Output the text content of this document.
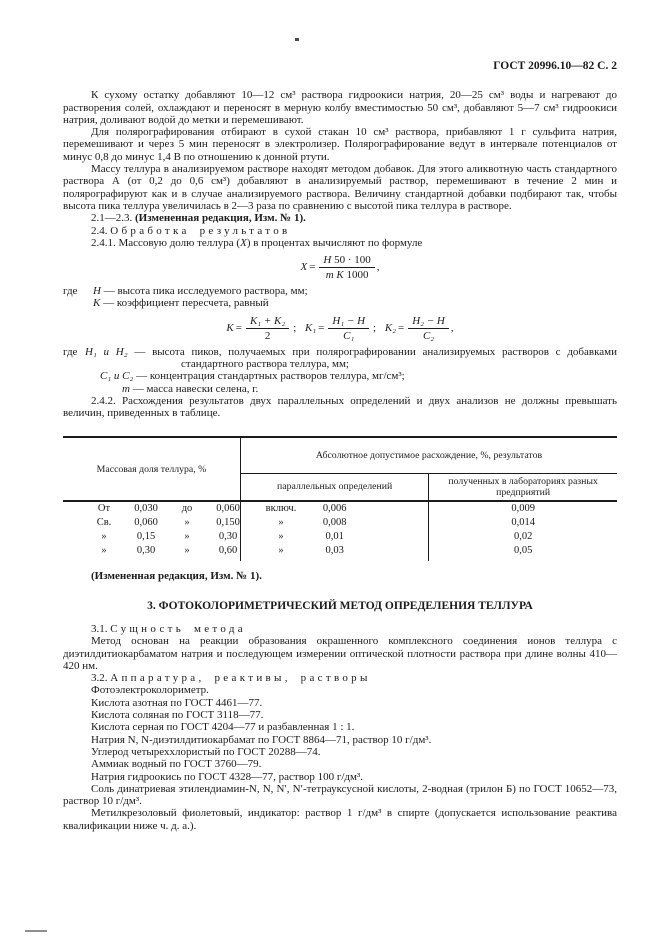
ГОСТ 20996.10—82 С. 2

К сухому остатку добавляют 10—12 см³ раствора гидроокиси натрия, 20—25 см³ воды и нагревают до растворения солей, охлаждают и переносят в мерную колбу вместимостью 50 см³, добавляют 5—7 см³ гидроокиси натрия, доливают водой до метки и перемешивают.

Для полярографирования отбирают в сухой стакан 10 см³ раствора, прибавляют 1 г сульфита натрия, перемешивают и через 5 мин переносят в электролизер. Полярографирование ведут в интервале потенциалов от минус 0,8 до минус 1,4 В по отношению к донной ртути.

Массу теллура в анализируемом растворе находят методом добавок. Для этого аликвотную часть стандартного раствора А (от 0,2 до 0,6 см³) добавляют в анализируемый раствор, перемешивают в течение 2 мин и полярографируют как и в случае анализируемого раствора. Величину стандартной добавки подбирают так, чтобы высота пика теллура увеличилась в 2—3 раза по сравнению с высотой пика теллура в растворе.

2.1—2.3. (Измененная редакция, Изм. № 1).

2.4. Обработка результатов

2.4.1. Массовую долю теллура (X) в процентах вычисляют по формуле

$X = \frac{H 50 \cdot 100}{\text{m K 1000}}$ ,
где H — высота пика исследуемого раствора, мм;
K — коэффициент пересчета, равный
$K = \frac{\text{K₁ + K₂}}{2}$ ; $K_1 = \frac{\text{H₁ − H}}{\text{C₁}}$ ; $K_2 = \frac{\text{H₂ − H}}{\text{C₂}}$ ,
где H₁ и H₂ — высота пиков, получаемых при полярографировании анализируемых растворов с добавками стандартного раствора теллура, мм;
C₁ и C₂ — концентрация стандартных растворов теллура, мг/см³;
m — масса навески селена, г.

2.4.2. Расхождения результатов двух параллельных определений и двух анализов не должны превышать величин, приведенных в таблице.

Массовая доля теллура, %	Абсолютное допустимое расхождение, %, результатов	
	параллельных определений	полученных в лабораториях разных предприятий

От 0,030 до 0,060 включ.	0,006	0,009

Св. 0,060 » 0,150 »	0,008	0,014

» 0,15 » 0,30 »	0,01	0,02

» 0,30 » 0,60 »	0,03	0,05

(Измененная редакция, Изм. № 1).

3. ФОТОКОЛОРИМЕТРИЧЕСКИЙ МЕТОД ОПРЕДЕЛЕНИЯ ТЕЛЛУРА

3.1. Сущность метода

Метод основан на реакции образования окрашенного комплексного соединения ионов теллура с диэтилдитиокарбаматом натрия и последующем измерении оптической плотности раствора при длине волны 410—420 нм.

3.2. Аппаратура, реактивы, растворы

Фотоэлектроколориметр.

Кислота азотная по ГОСТ 4461—77.

Кислота соляная по ГОСТ 3118—77.

Кислота серная по ГОСТ 4204—77 и разбавленная 1 : 1.

Натрия N, N-диэтилдитиокарбамат по ГОСТ 8864—71, раствор 10 г/дм³.

Углерод четыреххлористый по ГОСТ 20288—74.

Аммиак водный по ГОСТ 3760—79.

Натрия гидроокись по ГОСТ 4328—77, раствор 100 г/дм³.

Соль динатриевая этилендиамин-N, N, N′, N′-тетрауксусной кислоты, 2-водная (трилон Б) по ГОСТ 10652—73, раствор 10 г/дм³.

Метилкрезоловый фиолетовый, индикатор: раствор 1 г/дм³ в спирте (допускается использование реактива квалификации ниже ч. д. а.).
